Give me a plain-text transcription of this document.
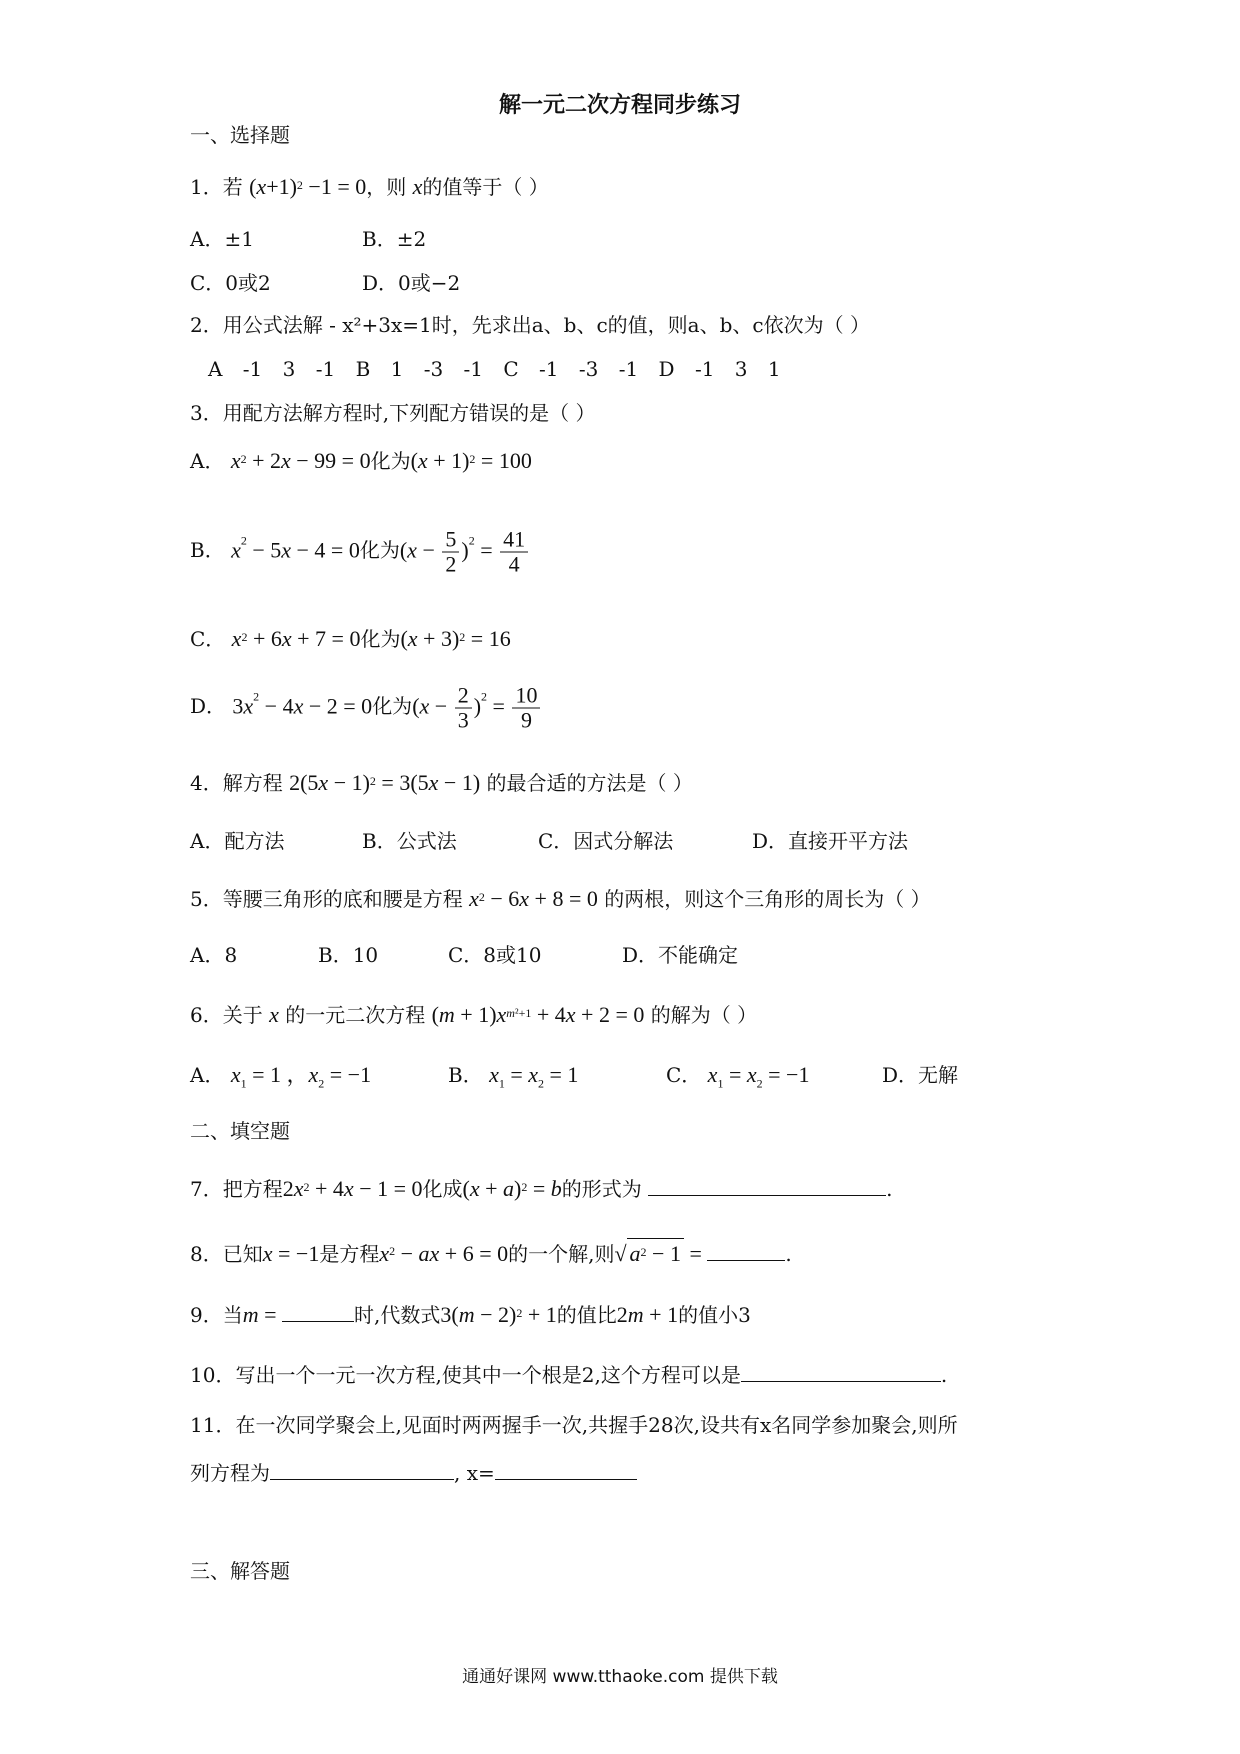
解一元二次方程同步练习
一、选择题
1．若 $(x+1)^2 -1 = 0$，则 x的值等于（ ）
A．±1	B．±2
C．0或2	D．0或−2
2．用公式法解 - x²+3x=1时，先求出a、b、c的值，则a、b、c依次为（ ）
A -1 3 -1 B 1 -3 -1 C -1 -3 -1 D -1 3 1
3．用配方法解方程时,下列配方错误的是（ ）
A． $x^2 + 2x - 99 = 0$化为$(x + 1)^2 = 100$
B． $x^2 - 5x - 4 = 0$化为$(x - \frac{5}{2} )^2 = \frac{41}{4}$
C． $x^2 + 6x + 7 = 0$化为$(x + 3)^2 = 16$
D． $3x^2 - 4x - 2 = 0$化为$(x - \frac{2}{3} )^2 = \frac{10}{9}$
4．解方程 $2(5x - 1)^2 = 3(5x - 1)$ 的最合适的方法是（ ）
A．配方法	B．公式法	C．因式分解法	D．直接开平方法
5．等腰三角形的底和腰是方程 $x^2 - 6x + 8 = 0$ 的两根，则这个三角形的周长为（ ）
A．8	B．10	C．8或10	D．不能确定
6．关于 x 的一元二次方程 $(m + 1)x^{m^2+1} + 4x + 2 = 0$ 的解为（ ）
A． $x_1 = 1$ ，$x_2 = -1$	B． $x_1 = x_2 = 1$	C． $x_1 = x_2 = -1$	D．无解
二、填空题
7．把方程$2x^2 + 4x - 1 = 0$化成$(x + a)^2 = b$的形式为	.
8．已知x = −1是方程$x^2$ − ax + 6 = 0的一个解,则√ $a^2 - 1$ =	.
9．当m =	时,代数式$3(m - 2)^2 + 1$的值比2m + 1的值小3
10．写出一个一元一次方程,使其中一个根是2,这个方程可以是	.
11．在一次同学聚会上,见面时两两握手一次,共握手28次,设共有x名同学参加聚会,则所
列方程为	, x=
三、解答题
通通好课网 www.tthaoke.com 提供下载
